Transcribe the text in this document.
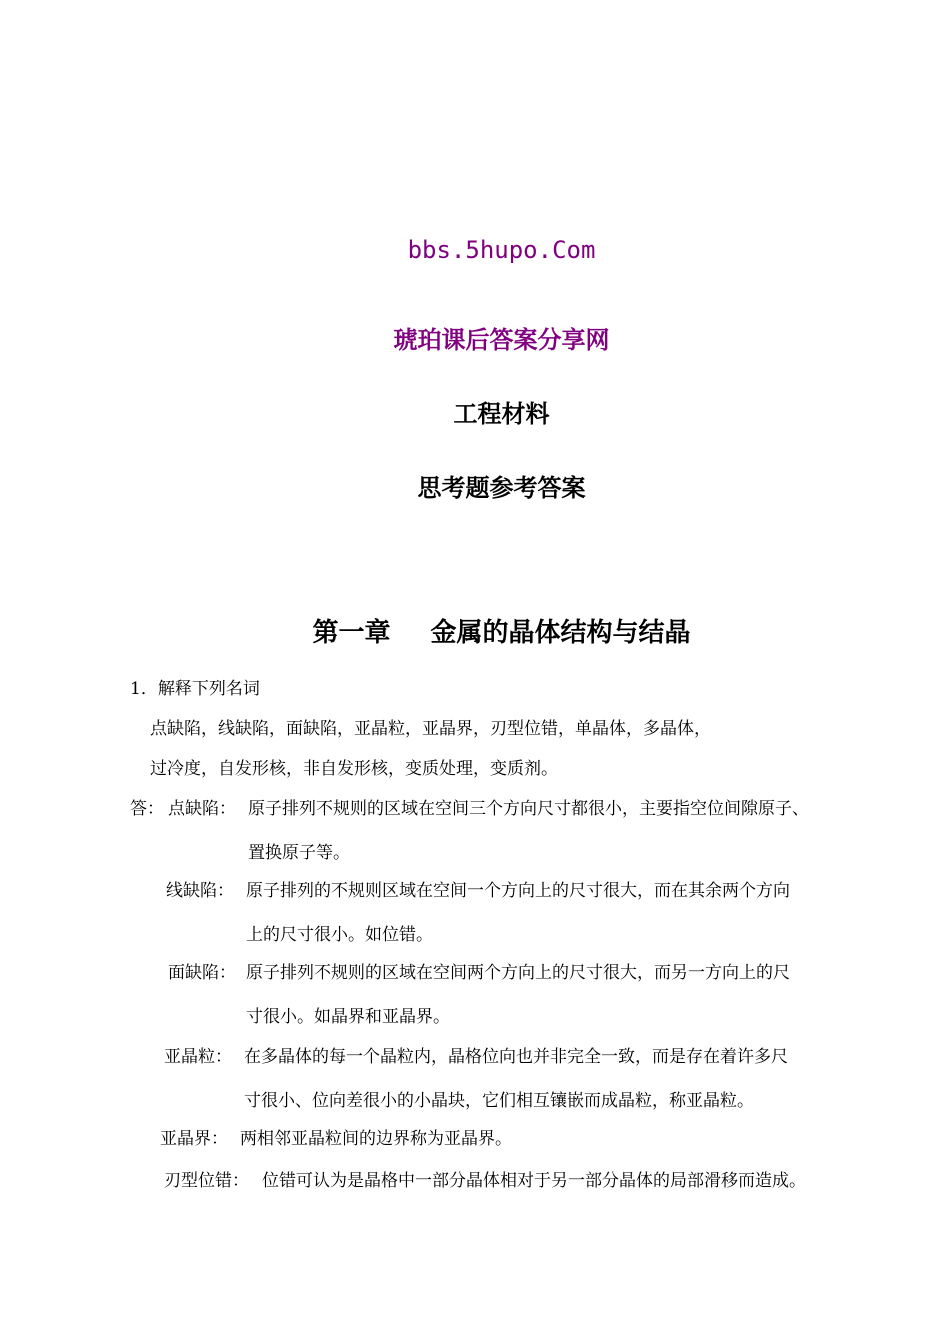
bbs.5hupo.Com
琥珀课后答案分享网
工程材料
思考题参考答案
第一章 金属的晶体结构与结晶
1．解释下列名词
点缺陷，线缺陷，面缺陷，亚晶粒，亚晶界，刃型位错，单晶体，多晶体，
过冷度，自发形核，非自发形核，变质处理，变质剂。
答： 点缺陷： 原子排列不规则的区域在空间三个方向尺寸都很小，主要指空位间隙原子、
置换原子等。
线缺陷： 原子排列的不规则区域在空间一个方向上的尺寸很大，而在其余两个方向
上的尺寸很小。如位错。
面缺陷： 原子排列不规则的区域在空间两个方向上的尺寸很大，而另一方向上的尺
寸很小。如晶界和亚晶界。
亚晶粒： 在多晶体的每一个晶粒内，晶格位向也并非完全一致，而是存在着许多尺
寸很小、位向差很小的小晶块，它们相互镶嵌而成晶粒，称亚晶粒。
亚晶界： 两相邻亚晶粒间的边界称为亚晶界。
刃型位错： 位错可认为是晶格中一部分晶体相对于另一部分晶体的局部滑移而造成。
